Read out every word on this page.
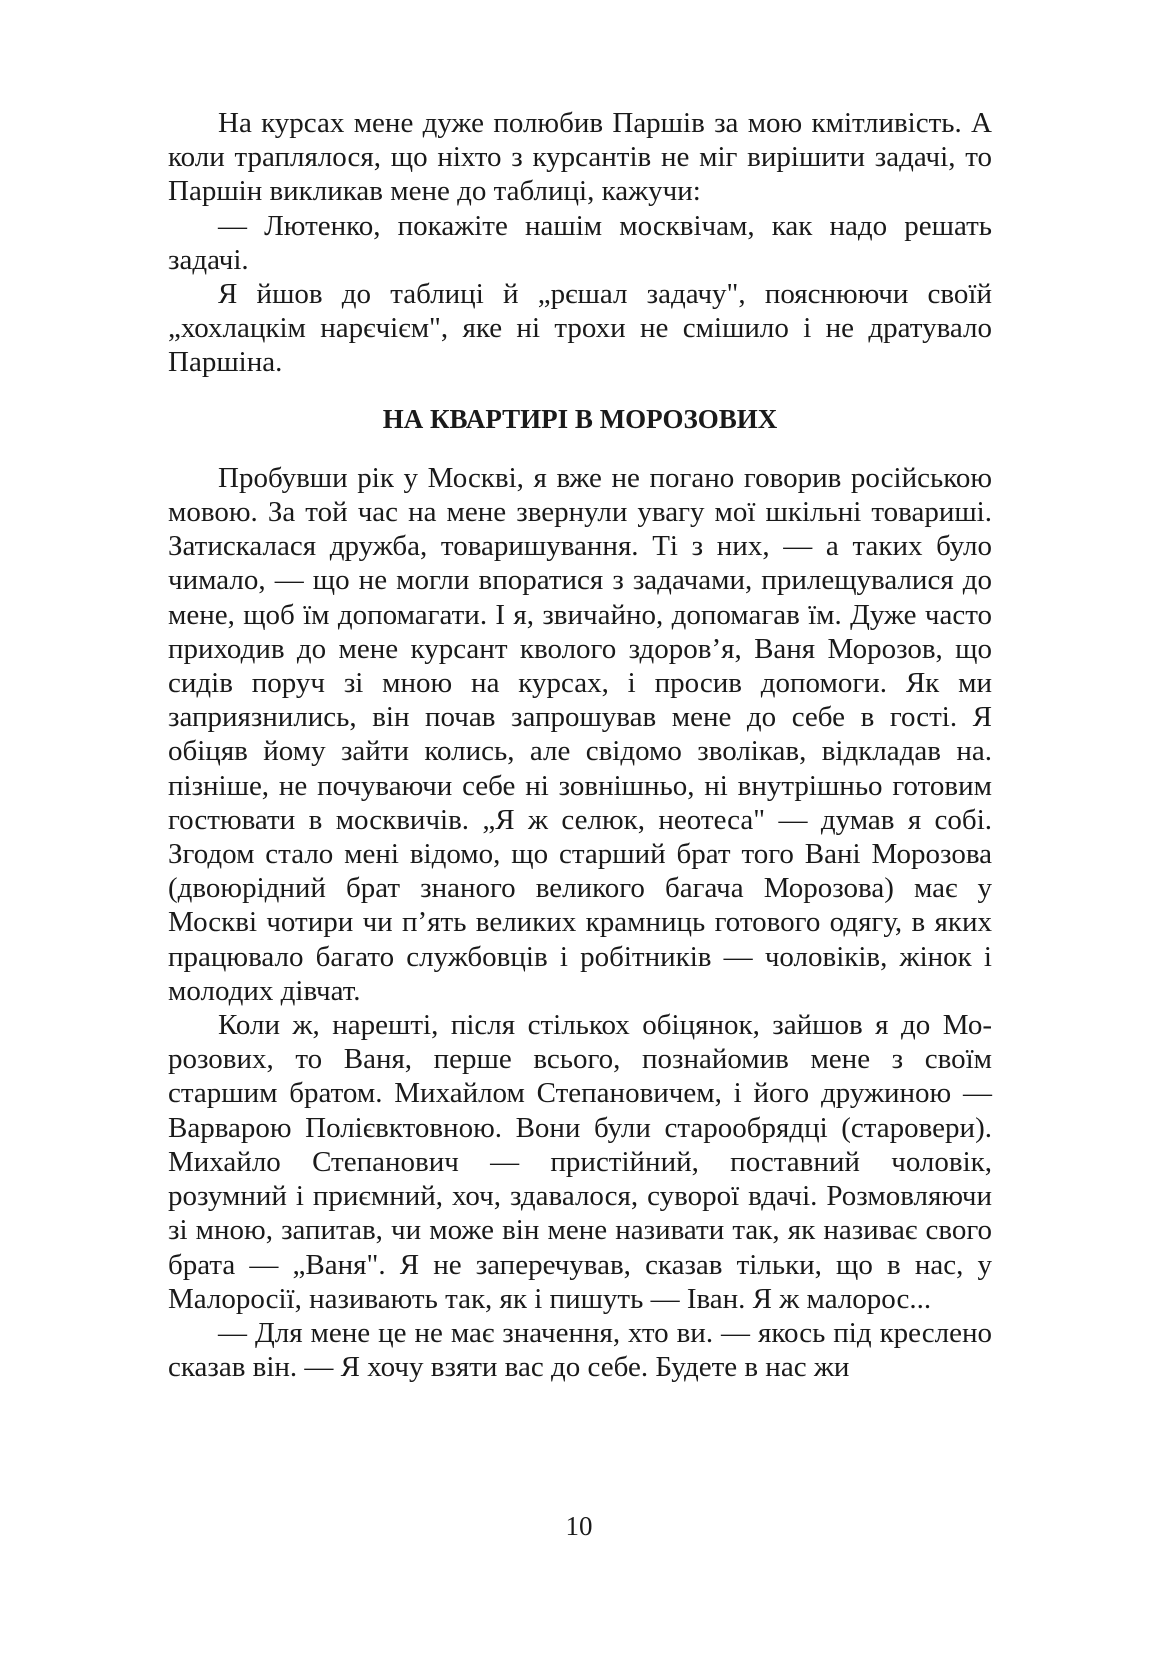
На курсах мене дуже полюбив Паршів за мою кмітливість. А коли траплялося, що ніхто з курсантів не міг вирішити задачі, то Паршін викликав мене до таблиці, кажучи:

— Лютенко, покажіте нашім москвічам, как надо решать задачі.

Я йшов до таблиці й „рєшал задачу", пояснюючи своїй „хохлацкім нарєчієм", яке ні трохи не смішило і не дратувало Паршіна.

НА КВАРТИРІ В МОРОЗОВИХ

Пробувши рік у Москві, я вже не погано говорив російською мовою. За той час на мене звернули увагу мої шкільні товариші. Затискалася дружба, товаришування. Ті з них, — а таких було чимало, — що не могли впоратися з задачами, прилещувалися до мене, щоб їм допомагати. І я, звичайно, допомагав їм. Дуже часто приходив до мене курсант кволого здоров’я, Ваня Морозов, що сидів поруч зі мною на курсах, і просив допомоги. Як ми заприязнились, він почав запрошував мене до себе в гості. Я обіцяв йому зайти колись, але свідомо зволікав, відкладав на. пізніше, не почуваючи себе ні зовнішньо, ні внутрішньо готовим гостювати в москвичів. „Я ж селюк, неотеса" — думав я собі. Згодом стало мені відомо, що старший брат того Вані Морозова (двоюрідний брат знаного великого багача Морозова) має у Москві чотири чи п’ять великих крамниць готового одягу, в яких працювало багато службовців і робітників — чоловіків, жінок і молодих дівчат.

Коли ж, нарешті, після стількох обіцянок, зайшов я до Морозових, то Ваня, перше всього, познайомив мене з своїм старшим братом. Михайлом Степановичем, і його дружиною — Варварою Полієвктовною. Вони були старообрядці (старовери). Михайло Степанович — пристійний, поставний чоловік, розумний і приємний, хоч, здавалося, суворої вдачі. Розмовляючи зі мною, запитав, чи може він мене називати так, як називає свого брата — „Ваня". Я не заперечував, сказав тільки, що в нас, у Малоросії, називають так, як і пишуть — Іван. Я ж малорос...

— Для мене це не має значення, хто ви. — якось під креслено сказав він. — Я хочу взяти вас до себе. Будете в нас жи

10
